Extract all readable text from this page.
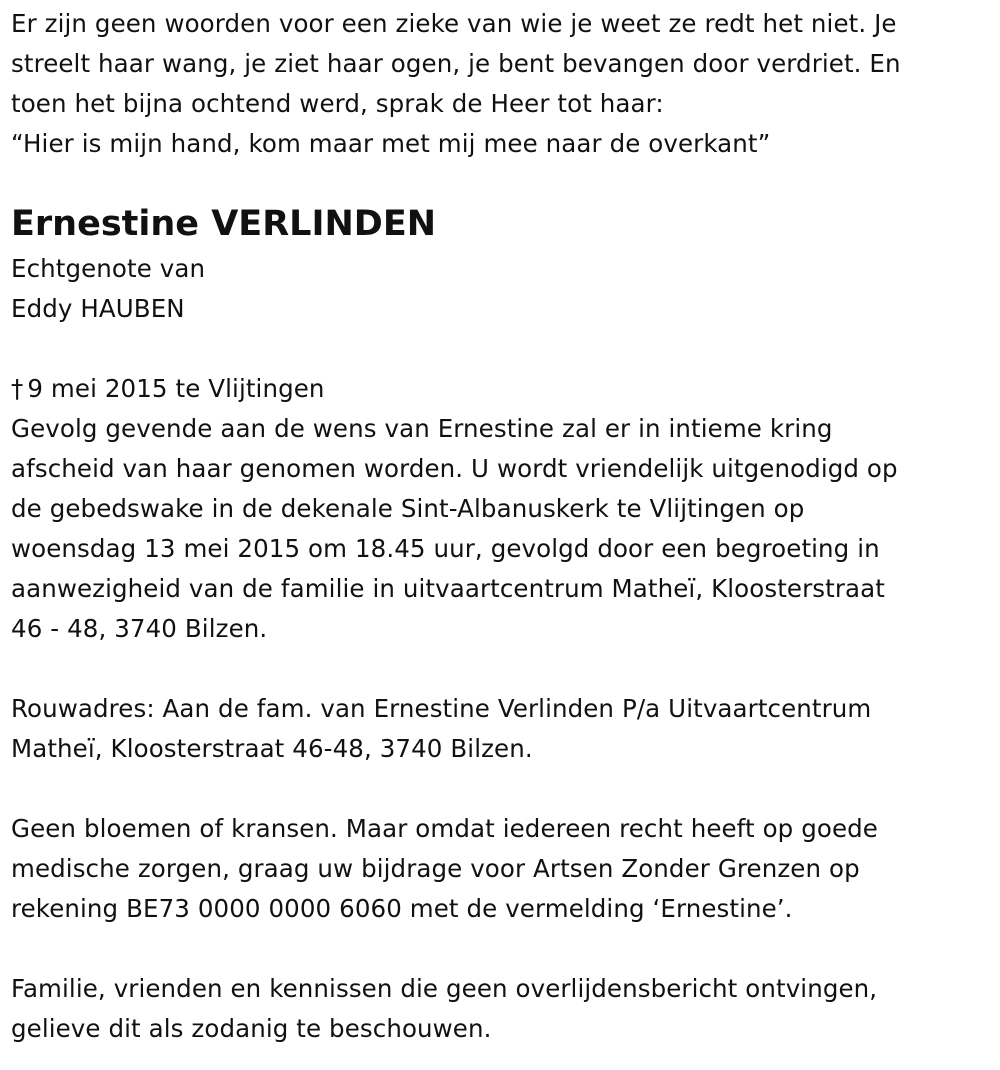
Er zijn geen woorden voor een zieke van wie je weet ze redt het niet. Je
streelt haar wang, je ziet haar ogen, je bent bevangen door verdriet. En
toen het bijna ochtend werd, sprak de Heer tot haar:
“Hier is mijn hand, kom maar met mij mee naar de overkant”
Ernestine VERLINDEN
Echtgenote van
Eddy HAUBEN
† 9 mei 2015 te Vlijtingen
Gevolg gevende aan de wens van Ernestine zal er in intieme kring
afscheid van haar genomen worden. U wordt vriendelijk uitgenodigd op
de gebedswake in de dekenale Sint-Albanuskerk te Vlijtingen op
woensdag 13 mei 2015 om 18.45 uur, gevolgd door een begroeting in
aanwezigheid van de familie in uitvaartcentrum Matheï, Kloosterstraat
46 - 48, 3740 Bilzen.
Rouwadres: Aan de fam. van Ernestine Verlinden P/a Uitvaartcentrum
Matheï, Kloosterstraat 46-48, 3740 Bilzen.
Geen bloemen of kransen. Maar omdat iedereen recht heeft op goede
medische zorgen, graag uw bijdrage voor Artsen Zonder Grenzen op
rekening BE73 0000 0000 6060 met de vermelding ‘Ernestine’.
Familie, vrienden en kennissen die geen overlijdensbericht ontvingen,
gelieve dit als zodanig te beschouwen.
